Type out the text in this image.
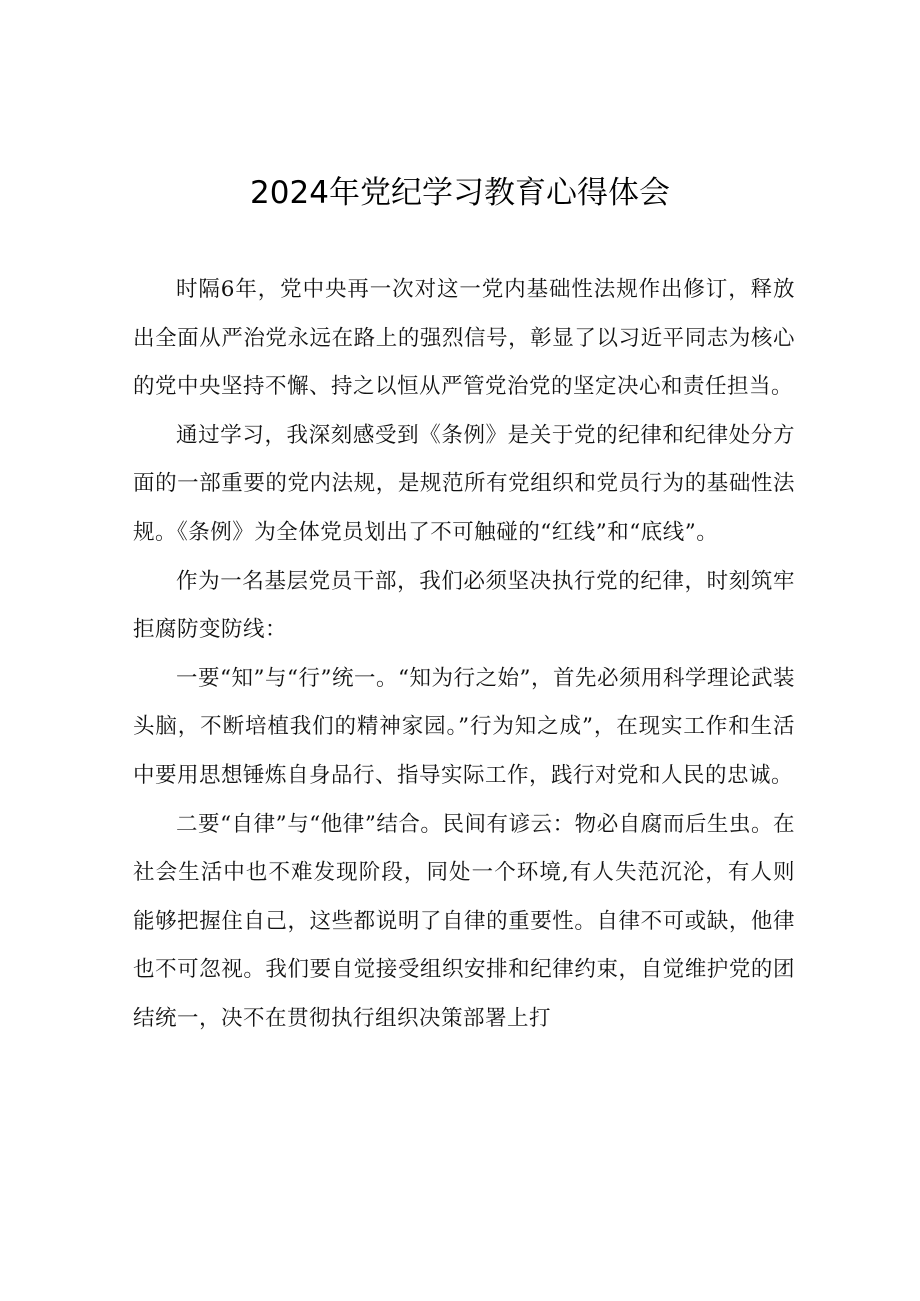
2024年党纪学习教育心得体会

时隔6年，党中央再一次对这一党内基础性法规作出修订，释放出全面从严治党永远在路上的强烈信号，彰显了以习近平同志为核心的党中央坚持不懈、持之以恒从严管党治党的坚定决心和责任担当。

通过学习，我深刻感受到《条例》是关于党的纪律和纪律处分方面的一部重要的党内法规，是规范所有党组织和党员行为的基础性法规。《条例》为全体党员划出了不可触碰的“红线”和“底线”。

作为一名基层党员干部，我们必须坚决执行党的纪律，时刻筑牢拒腐防变防线：

一要“知”与“行”统一。“知为行之始”，首先必须用科学理论武装头脑，不断培植我们的精神家园。”行为知之成”，在现实工作和生活中要用思想锤炼自身品行、指导实际工作，践行对党和人民的忠诚。

二要“自律”与“他律”结合。民间有谚云：物必自腐而后生虫。在社会生活中也不难发现阶段，同处一个环境,有人失范沉沦，有人则能够把握住自己，这些都说明了自律的重要性。自律不可或缺，他律也不可忽视。我们要自觉接受组织安排和纪律约束，自觉维护党的团结统一，决不在贯彻执行组织决策部署上打
